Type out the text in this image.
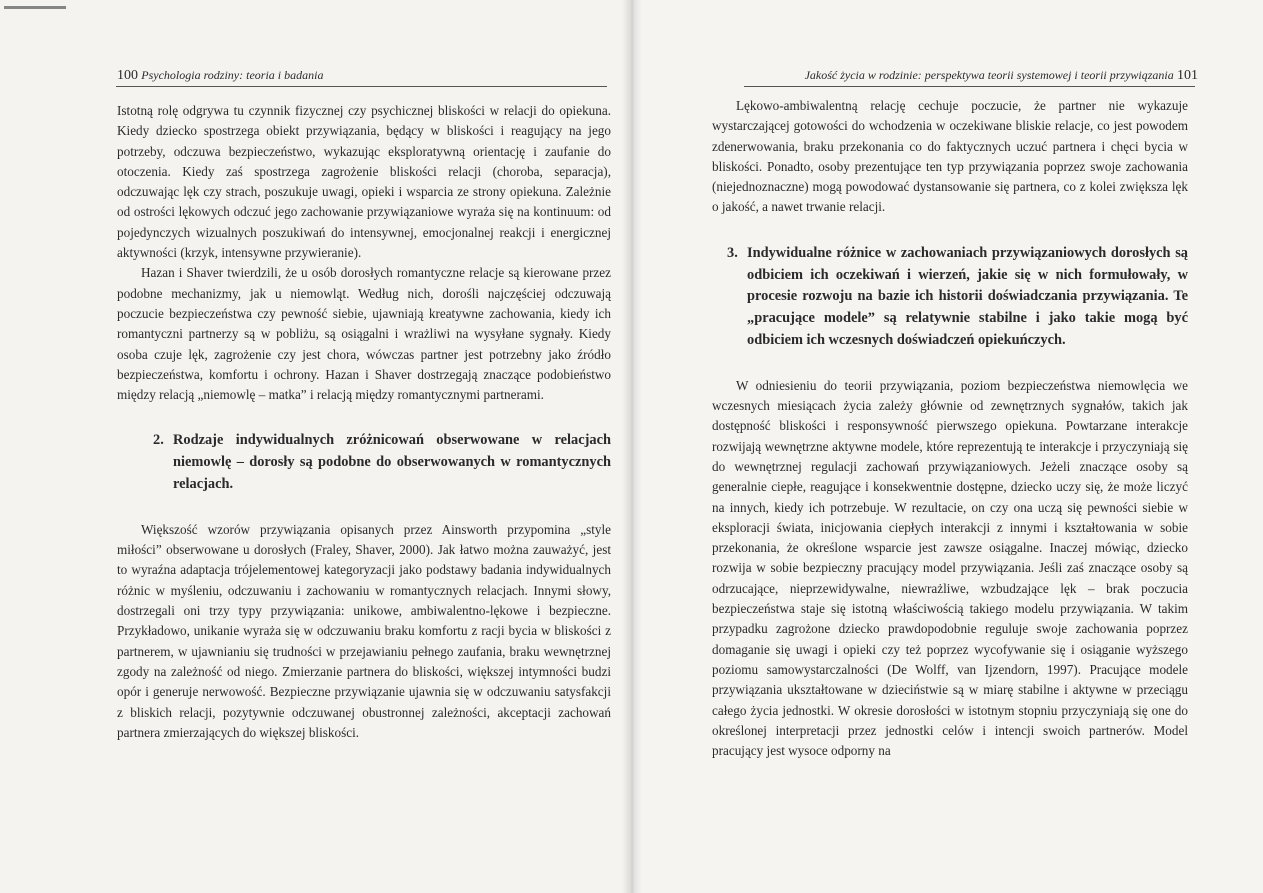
100 Psychologia rodziny: teoria i badania

Istotną rolę odgrywa tu czynnik fizycznej czy psychicznej bliskości w relacji do opiekuna. Kiedy dziecko spostrzega obiekt przywiązania, będący w bliskości i reagujący na jego potrzeby, odczuwa bezpieczeństwo, wykazując eksploratywną orientację i zaufanie do otoczenia. Kiedy zaś spostrzega zagrożenie bliskości relacji (choroba, separacja), odczuwając lęk czy strach, poszukuje uwagi, opieki i wsparcia ze strony opiekuna. Zależnie od ostrości lękowych odczuć jego zachowanie przywiązaniowe wyraża się na kontinuum: od pojedynczych wizualnych poszukiwań do intensywnej, emocjonalnej reakcji i energicznej aktywności (krzyk, intensywne przywieranie).

Hazan i Shaver twierdzili, że u osób dorosłych romantyczne relacje są kierowane przez podobne mechanizmy, jak u niemowląt. Według nich, dorośli najczęściej odczuwają poczucie bezpieczeństwa czy pewność siebie, ujawniają kreatywne zachowania, kiedy ich romantyczni partnerzy są w pobliżu, są osiągalni i wrażliwi na wysyłane sygnały. Kiedy osoba czuje lęk, zagrożenie czy jest chora, wówczas partner jest potrzebny jako źródło bezpieczeństwa, komfortu i ochrony. Hazan i Shaver dostrzegają znaczące podobieństwo między relacją „niemowlę – matka” i relacją między romantycznymi partnerami.

2. Rodzaje indywidualnych zróżnicowań obserwowane w relacjach niemowlę – dorosły są podobne do obserwowanych w romantycznych relacjach.

Większość wzorów przywiązania opisanych przez Ainsworth przypomina „style miłości” obserwowane u dorosłych (Fraley, Shaver, 2000). Jak łatwo można zauważyć, jest to wyraźna adaptacja trójelementowej kategoryzacji jako podstawy badania indywidualnych różnic w myśleniu, odczuwaniu i zachowaniu w romantycznych relacjach. Innymi słowy, dostrzegali oni trzy typy przywiązania: unikowe, ambiwalentno-lękowe i bezpieczne. Przykładowo, unikanie wyraża się w odczuwaniu braku komfortu z racji bycia w bliskości z partnerem, w ujawnianiu się trudności w przejawianiu pełnego zaufania, braku wewnętrznej zgody na zależność od niego. Zmierzanie partnera do bliskości, większej intymności budzi opór i generuje nerwowość. Bezpieczne przywiązanie ujawnia się w odczuwaniu satysfakcji z bliskich relacji, pozytywnie odczuwanej obustronnej zależności, akceptacji zachowań partnera zmierzających do większej bliskości.

Jakość życia w rodzinie: perspektywa teorii systemowej i teorii przywiązania 101

Lękowo-ambiwalentną relację cechuje poczucie, że partner nie wykazuje wystarczającej gotowości do wchodzenia w oczekiwane bliskie relacje, co jest powodem zdenerwowania, braku przekonania co do faktycznych uczuć partnera i chęci bycia w bliskości. Ponadto, osoby prezentujące ten typ przywiązania poprzez swoje zachowania (niejednoznaczne) mogą powodować dystansowanie się partnera, co z kolei zwiększa lęk o jakość, a nawet trwanie relacji.

3. Indywidualne różnice w zachowaniach przywiązaniowych dorosłych są odbiciem ich oczekiwań i wierzeń, jakie się w nich formułowały, w procesie rozwoju na bazie ich historii doświadczania przywiązania. Te „pracujące modele” są relatywnie stabilne i jako takie mogą być odbiciem ich wczesnych doświadczeń opiekuńczych.

W odniesieniu do teorii przywiązania, poziom bezpieczeństwa niemowlęcia we wczesnych miesiącach życia zależy głównie od zewnętrznych sygnałów, takich jak dostępność bliskości i responsywność pierwszego opiekuna. Powtarzane interakcje rozwijają wewnętrzne aktywne modele, które reprezentują te interakcje i przyczyniają się do wewnętrznej regulacji zachowań przywiązaniowych. Jeżeli znaczące osoby są generalnie ciepłe, reagujące i konsekwentnie dostępne, dziecko uczy się, że może liczyć na innych, kiedy ich potrzebuje. W rezultacie, on czy ona uczą się pewności siebie w eksploracji świata, inicjowania ciepłych interakcji z innymi i kształtowania w sobie przekonania, że określone wsparcie jest zawsze osiągalne. Inaczej mówiąc, dziecko rozwija w sobie bezpieczny pracujący model przywiązania. Jeśli zaś znaczące osoby są odrzucające, nieprzewidywalne, niewrażliwe, wzbudzające lęk – brak poczucia bezpieczeństwa staje się istotną właściwością takiego modelu przywiązania. W takim przypadku zagrożone dziecko prawdopodobnie reguluje swoje zachowania poprzez domaganie się uwagi i opieki czy też poprzez wycofywanie się i osiąganie wyższego poziomu samowystarczalności (De Wolff, van Ijzendorn, 1997). Pracujące modele przywiązania ukształtowane w dzieciństwie są w miarę stabilne i aktywne w przeciągu całego życia jednostki. W okresie dorosłości w istotnym stopniu przyczyniają się one do określonej interpretacji przez jednostki celów i intencji swoich partnerów. Model pracujący jest wysoce odporny na
